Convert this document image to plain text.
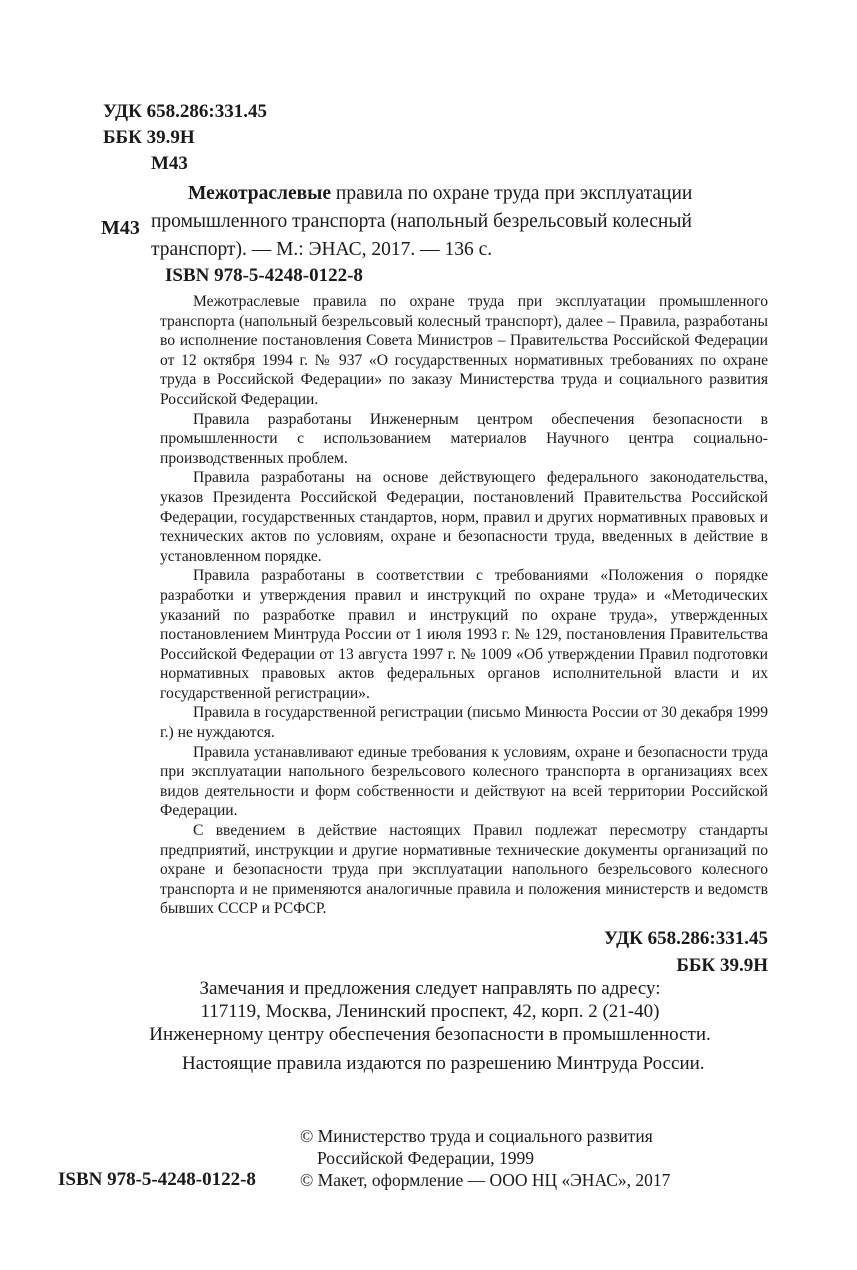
УДК 658.286:331.45
ББК 39.9Н
М43
М43
Межотраслевые правила по охране труда при эксплуатации
промышленного транспорта (напольный безрельсовый колесный
транспорт). — М.: ЭНАС, 2017. — 136 с.
ISBN 978-5-4248-0122-8

Межотраслевые правила по охране труда при эксплуатации промышленного транспорта (напольный безрельсовый колесный транспорт), далее – Правила, разработаны во исполнение постановления Совета Министров – Правительства Российской Федерации от 12 октября 1994 г. № 937 «О государственных нормативных требованиях по охране труда в Российской Федерации» по заказу Министерства труда и социального развития Российской Федерации.

Правила разработаны Инженерным центром обеспечения безопасности в промышленности с использованием материалов Научного центра социально-производственных проблем.

Правила разработаны на основе действующего федерального законодательства, указов Президента Российской Федерации, постановлений Правительства Российской Федерации, государственных стандартов, норм, правил и других нормативных правовых и технических актов по условиям, охране и безопасности труда, введенных в действие в установленном порядке.

Правила разработаны в соответствии с требованиями «Положения о порядке разработки и утверждения правил и инструкций по охране труда» и «Методических указаний по разработке правил и инструкций по охране труда», утвержденных постановлением Минтруда России от 1 июля 1993 г. № 129, постановления Правительства Российской Федерации от 13 августа 1997 г. № 1009 «Об утверждении Правил подготовки нормативных правовых актов федеральных органов исполнительной власти и их государственной регистрации».

Правила в государственной регистрации (письмо Минюста России от 30 декабря 1999 г.) не нуждаются.

Правила устанавливают единые требования к условиям, охране и безопасности труда при эксплуатации напольного безрельсового колесного транспорта в организациях всех видов деятельности и форм собственности и действуют на всей территории Российской Федерации.

С введением в действие настоящих Правил подлежат пересмотру стандарты предприятий, инструкции и другие нормативные технические документы организаций по охране и безопасности труда при эксплуатации напольного безрельсового колесного транспорта и не применяются аналогичные правила и положения министерств и ведомств бывших СССР и РСФСР.

УДК 658.286:331.45
ББК 39.9Н
Замечания и предложения следует направлять по адресу:
117119, Москва, Ленинский проспект, 42, корп. 2 (21-40)
Инженерному центру обеспечения безопасности в промышленности.
Настоящие правила издаются по разрешению Минтруда России.
© Министерство труда и социального развития
Российской Федерации, 1999
© Макет, оформление — ООО НЦ «ЭНАС», 2017
ISBN 978-5-4248-0122-8
